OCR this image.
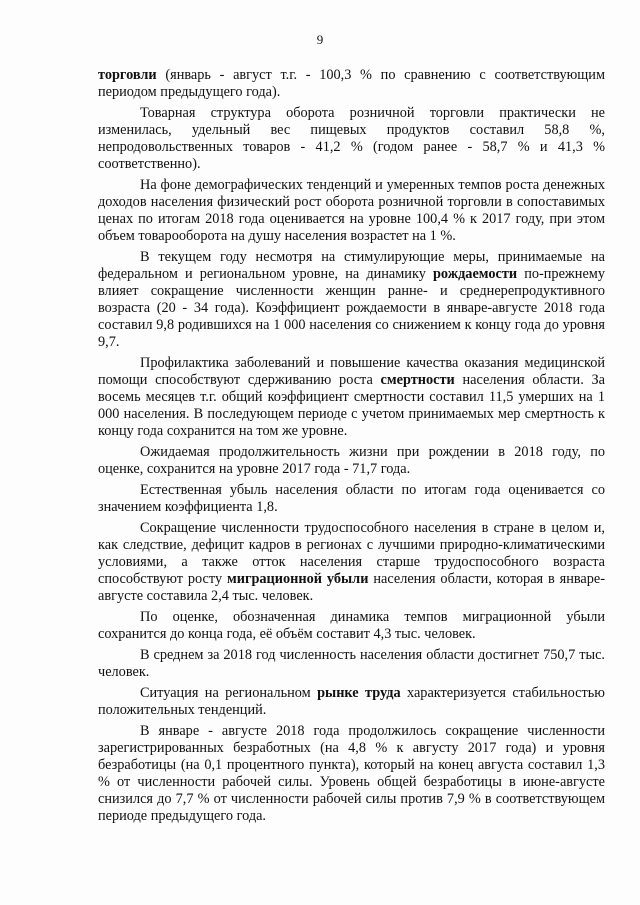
9

торговли (январь - август т.г. - 100,3 % по сравнению с соответствующим периодом предыдущего года).

Товарная структура оборота розничной торговли практически не изменилась, удельный вес пищевых продуктов составил 58,8 %, непродовольственных товаров - 41,2 % (годом ранее - 58,7 % и 41,3 % соответственно).

На фоне демографических тенденций и умеренных темпов роста денежных доходов населения физический рост оборота розничной торговли в сопоставимых ценах по итогам 2018 года оценивается на уровне 100,4 % к 2017 году, при этом объем товарооборота на душу населения возрастет на 1 %.

В текущем году несмотря на стимулирующие меры, принимаемые на федеральном и региональном уровне, на динамику рождаемости по-прежнему влияет сокращение численности женщин ранне- и среднерепродуктивного возраста (20 - 34 года). Коэффициент рождаемости в январе-августе 2018 года составил 9,8 родившихся на 1 000 населения со снижением к концу года до уровня 9,7.

Профилактика заболеваний и повышение качества оказания медицинской помощи способствуют сдерживанию роста смертности населения области. За восемь месяцев т.г. общий коэффициент смертности составил 11,5 умерших на 1 000 населения. В последующем периоде с учетом принимаемых мер смертность к концу года сохранится на том же уровне.

Ожидаемая продолжительность жизни при рождении в 2018 году, по оценке, сохранится на уровне 2017 года - 71,7 года.

Естественная убыль населения области по итогам года оценивается со значением коэффициента 1,8.

Сокращение численности трудоспособного населения в стране в целом и, как следствие, дефицит кадров в регионах с лучшими природно-климатическими условиями, а также отток населения старше трудоспособного возраста способствуют росту миграционной убыли населения области, которая в январе-августе составила 2,4 тыс. человек.

По оценке, обозначенная динамика темпов миграционной убыли сохранится до конца года, её объём составит 4,3 тыс. человек.

В среднем за 2018 год численность населения области достигнет 750,7 тыс. человек.

Ситуация на региональном рынке труда характеризуется стабильностью положительных тенденций.

В январе - августе 2018 года продолжилось сокращение численности зарегистрированных безработных (на 4,8 % к августу 2017 года) и уровня безработицы (на 0,1 процентного пункта), который на конец августа составил 1,3 % от численности рабочей силы. Уровень общей безработицы в июне-августе снизился до 7,7 % от численности рабочей силы против 7,9 % в соответствующем периоде предыдущего года.
